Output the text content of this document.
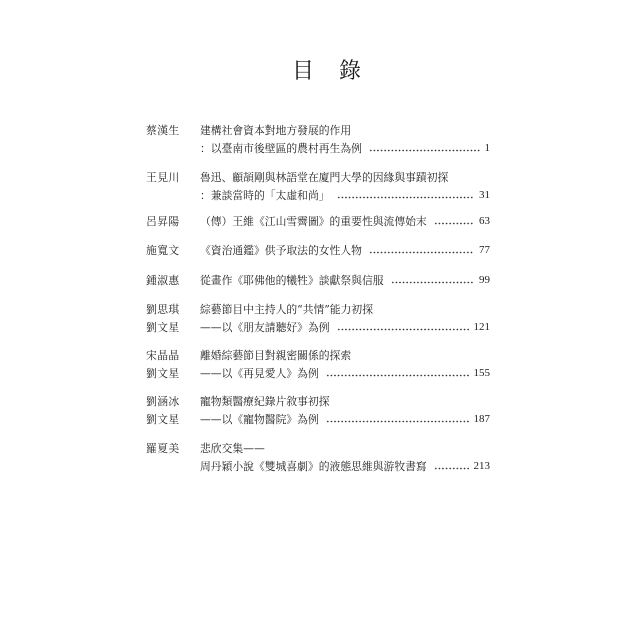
目 錄
蔡漢生	建構社會資本對地方發展的作用
：以臺南市後壁區的農村再生為例	1
王見川	魯迅、顧頡剛與林語堂在廈門大學的因緣與事蹟初探
：兼談當時的「太虛和尚」	31
呂昇陽	（傳）王維《江山雪霽圖》的重要性與流傳始末	63
施寬文	《資治通鑑》供予取法的女性人物	77
鍾淑惠	從畫作《耶佛他的犧牲》談獻祭與信服	99
劉思琪	綜藝節目中主持人的“共情”能力初探
劉文星	——以《朋友請聽好》為例	121
宋晶晶	離婚綜藝節目對親密關係的探索
劉文星	——以《再見愛人》為例	155
劉涵冰	寵物類醫療紀錄片敘事初探
劉文星	——以《寵物醫院》為例	187
羅夏美	悲欣交集——
周丹穎小說《雙城喜劇》的液態思維與游牧書寫	213
